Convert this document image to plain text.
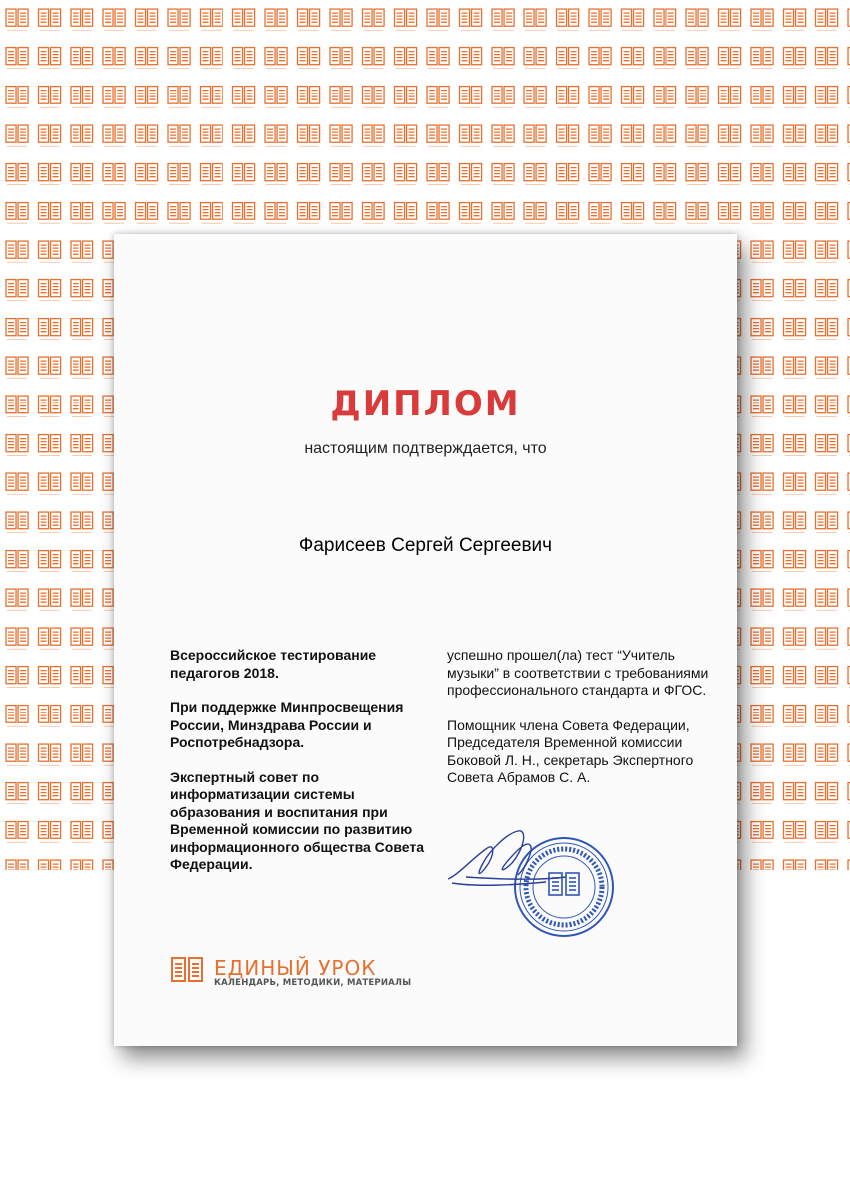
ДИПЛОМ
настоящим подтверждается, что
Фарисеев Сергей Сергеевич

Всероссийское тестирование педагогов 2018.

При поддержке Минпросвещения России, Минздрава России и Роспотребнадзора.

Экспертный совет по информатизации системы образования и воспитания при Временной комиссии по развитию информационного общества Совета Федерации.

успешно прошел(ла) тест “Учитель музыки” в соответствии с требованиями профессионального стандарта и ФГОС.

Помощник члена Совета Федерации, Председателя Временной комиссии Боковой Л. Н., секретарь Экспертного Совета Абрамов С. А.

ЕДИНЫЙ УРОК
КАЛЕНДАРЬ, МЕТОДИКИ, МАТЕРИАЛЫ
